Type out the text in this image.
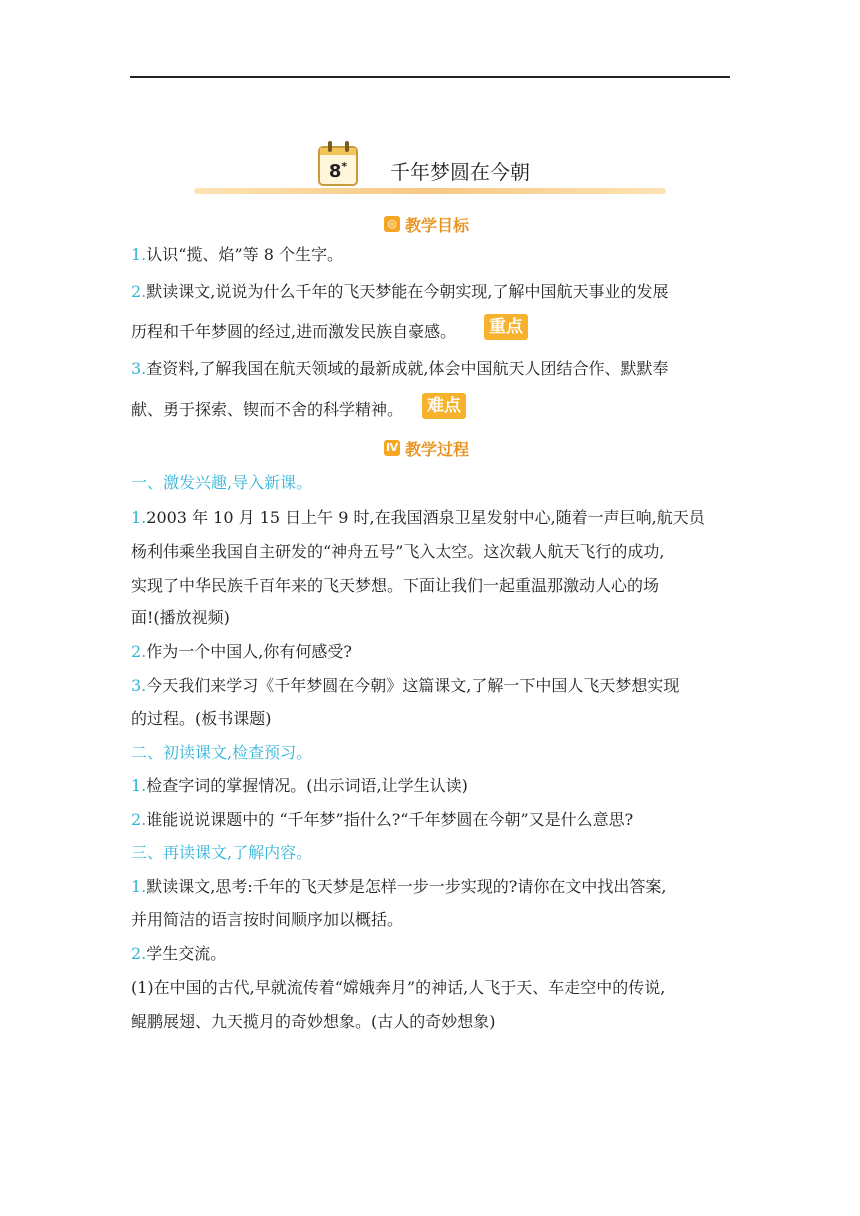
8*	千年梦圆在今朝
◎ 教学目标
1.认识“揽、焰”等 8 个生字。
2.默读课文,说说为什么千年的飞天梦能在今朝实现,了解中国航天事业的发展
历程和千年梦圆的经过,进而激发民族自豪感。 重点
3.查资料,了解我国在航天领域的最新成就,体会中国航天人团结合作、默默奉
献、勇于探索、锲而不舍的科学精神。 难点
Ⅳ 教学过程
一、激发兴趣,导入新课。
1.2003 年 10 月 15 日上午 9 时,在我国酒泉卫星发射中心,随着一声巨响,航天员
杨利伟乘坐我国自主研发的“神舟五号”飞入太空。这次载人航天飞行的成功,
实现了中华民族千百年来的飞天梦想。下面让我们一起重温那激动人心的场
面!(播放视频)
2.作为一个中国人,你有何感受?
3.今天我们来学习《千年梦圆在今朝》这篇课文,了解一下中国人飞天梦想实现
的过程。(板书课题)
二、初读课文,检查预习。
1.检查字词的掌握情况。(出示词语,让学生认读)
2.谁能说说课题中的 “千年梦”指什么?“千年梦圆在今朝”又是什么意思?
三、再读课文,了解内容。
1.默读课文,思考:千年的飞天梦是怎样一步一步实现的?请你在文中找出答案,
并用简洁的语言按时间顺序加以概括。
2.学生交流。
(1)在中国的古代,早就流传着“嫦娥奔月”的神话,人飞于天、车走空中的传说,
鲲鹏展翅、九天揽月的奇妙想象。(古人的奇妙想象)
